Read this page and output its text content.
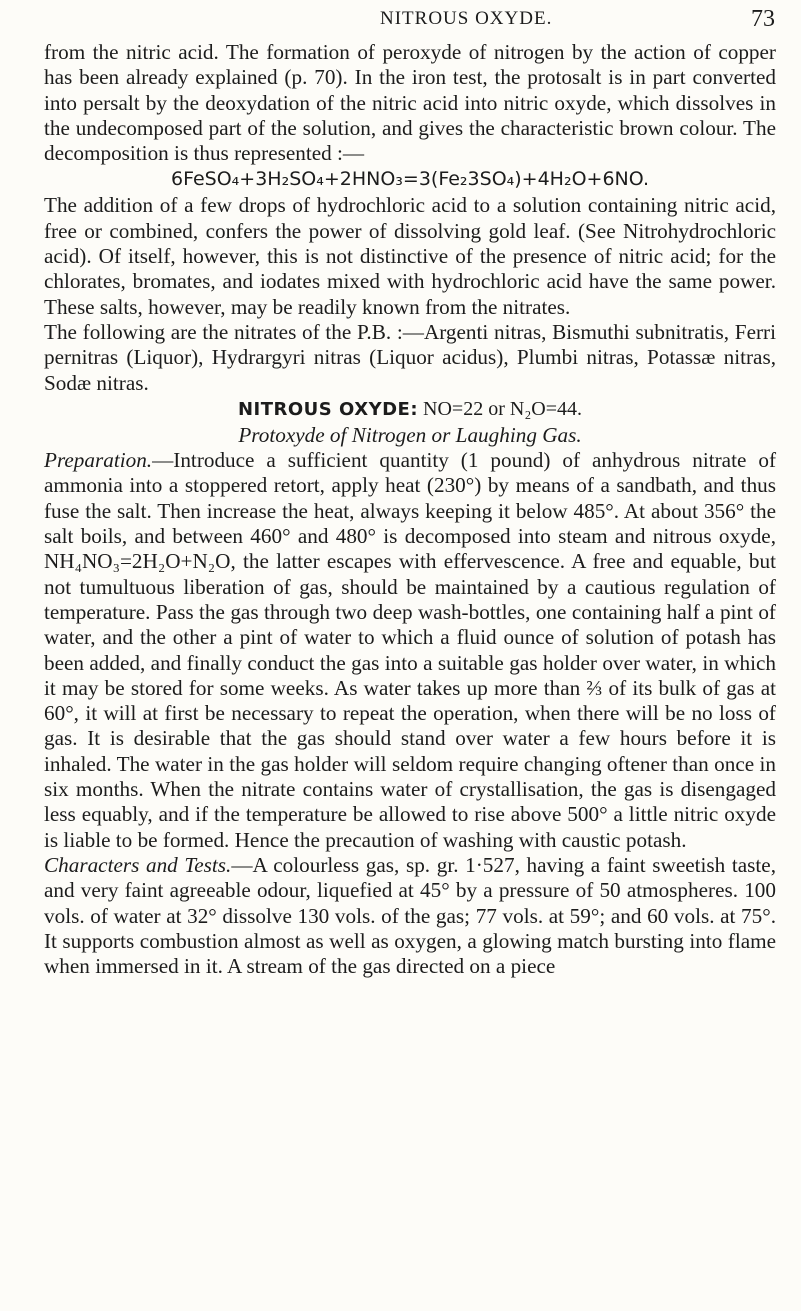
NITROUS OXYDE.	73

from the nitric acid. The formation of peroxyde of nitrogen by the action of copper has been already explained (p. 70). In the iron test, the protosalt is in part converted into persalt by the deoxydation of the nitric acid into nitric oxyde, which dissolves in the undecomposed part of the solution, and gives the characteristic brown colour. The decomposition is thus represented :—

6FeSO₄+3H₂SO₄+2HNO₃=3(Fe₂3SO₄)+4H₂O+6NO.

The addition of a few drops of hydrochloric acid to a solution containing nitric acid, free or combined, confers the power of dissolving gold leaf. (See Nitrohydrochloric acid). Of itself, however, this is not distinctive of the presence of nitric acid; for the chlorates, bromates, and iodates mixed with hydrochloric acid have the same power. These salts, however, may be readily known from the nitrates.

The following are the nitrates of the P.B. :—Argenti nitras, Bismuthi subnitratis, Ferri pernitras (Liquor), Hydrargyri nitras (Liquor acidus), Plumbi nitras, Potassæ nitras, Sodæ nitras.

NITROUS OXYDE: NO=22 or N₂O=44.

Protoxyde of Nitrogen or Laughing Gas.

Preparation.—Introduce a sufficient quantity (1 pound) of anhydrous nitrate of ammonia into a stoppered retort, apply heat (230°) by means of a sandbath, and thus fuse the salt. Then increase the heat, always keeping it below 485°. At about 356° the salt boils, and between 460° and 480° is decomposed into steam and nitrous oxyde, NH₄NO₃=2H₂O+N₂O, the latter escapes with effervescence. A free and equable, but not tumultuous liberation of gas, should be maintained by a cautious regulation of temperature. Pass the gas through two deep wash-bottles, one containing half a pint of water, and the other a pint of water to which a fluid ounce of solution of potash has been added, and finally conduct the gas into a suitable gas holder over water, in which it may be stored for some weeks. As water takes up more than ⅔ of its bulk of gas at 60°, it will at first be necessary to repeat the operation, when there will be no loss of gas. It is desirable that the gas should stand over water a few hours before it is inhaled. The water in the gas holder will seldom require changing oftener than once in six months. When the nitrate contains water of crystallisation, the gas is disengaged less equably, and if the temperature be allowed to rise above 500° a little nitric oxyde is liable to be formed. Hence the precaution of washing with caustic potash.

Characters and Tests.—A colourless gas, sp. gr. 1·527, having a faint sweetish taste, and very faint agreeable odour, liquefied at 45° by a pressure of 50 atmospheres. 100 vols. of water at 32° dissolve 130 vols. of the gas; 77 vols. at 59°; and 60 vols. at 75°. It supports combustion almost as well as oxygen, a glowing match bursting into flame when immersed in it. A stream of the gas directed on a piece
